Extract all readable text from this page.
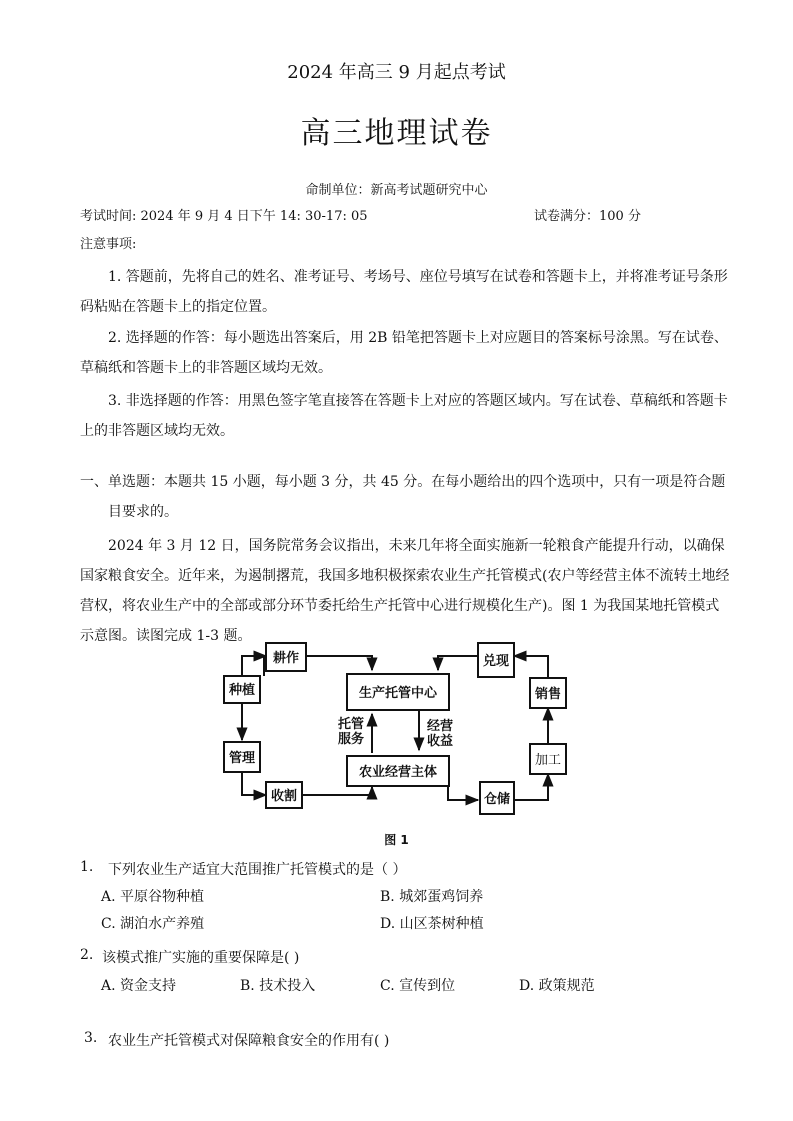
2024 年高三 9 月起点考试
高三地理试卷
命制单位：新高考试题研究中心
考试时间: 2024 年 9 月 4 日下午 14: 30-17: 05	试卷满分：100 分
注意事项:
1. 答题前，先将自己的姓名、准考证号、考场号、座位号填写在试卷和答题卡上，并将准考证号条形码粘贴在答题卡上的指定位置。
2. 选择题的作答：每小题选出答案后，用 2B 铅笔把答题卡上对应题目的答案标号涂黑。写在试卷、草稿纸和答题卡上的非答题区域均无效。
3. 非选择题的作答：用黑色签字笔直接答在答题卡上对应的答题区域内。写在试卷、草稿纸和答题卡上的非答题区域均无效。
一、 单选题：本题共 15 小题，每小题 3 分，共 45 分。在每小题给出的四个选项中，只有一项是符合题目要求的。
2024 年 3 月 12 日，国务院常务会议指出，未来几年将全面实施新一轮粮食产能提升行动，以确保国家粮食安全。近年来，为遏制撂荒，我国多地积极探索农业生产托管模式(农户等经营主体不流转土地经营权，将农业生产中的全部或部分环节委托给生产托管中心进行规模化生产)。图 1 为我国某地托管模式示意图。读图完成 1-3 题。
耕作
种植
管理
收割
生产托管中心
农业经营主体
兑现
销售
加工
仓储
托管
服务
经营
收益
图 1
1. 下列农业生产适宜大范围推广托管模式的是（ ）
A. 平原谷物种植	B. 城郊蛋鸡饲养
C. 湖泊水产养殖	D. 山区茶树种植
2. 该模式推广实施的重要保障是( )
A. 资金支持	B. 技术投入	C. 宣传到位	D. 政策规范
3. 农业生产托管模式对保障粮食安全的作用有( )
